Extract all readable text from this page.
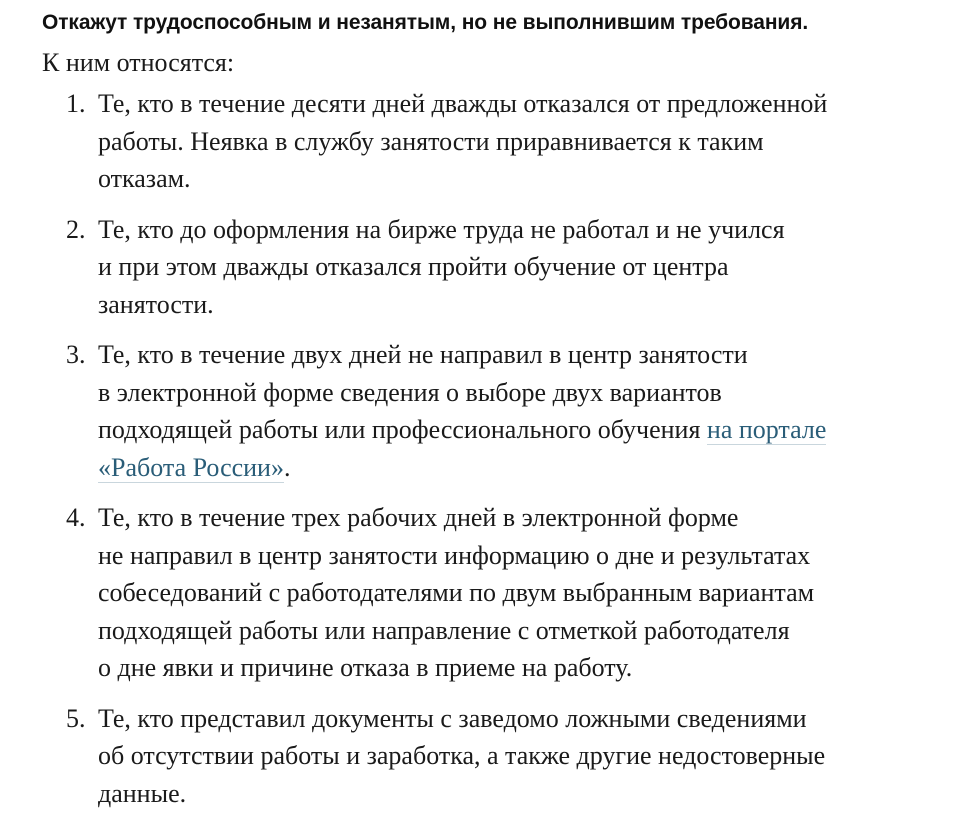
Откажут трудоспособным и незанятым, но не выполнившим требования.

К ним относятся:

1. Те, кто в течение десяти дней дважды отказался от предложенной
работы. Неявка в службу занятости приравнивается к таким
отказам.
2. Те, кто до оформления на бирже труда не работал и не учился
и при этом дважды отказался пройти обучение от центра
занятости.
3. Те, кто в течение двух дней не направил в центр занятости
в электронной форме сведения о выборе двух вариантов
подходящей работы или профессионального обучения на портале
«Работа России».
4. Те, кто в течение трех рабочих дней в электронной форме
не направил в центр занятости информацию о дне и результатах
собеседований с работодателями по двум выбранным вариантам
подходящей работы или направление с отметкой работодателя
о дне явки и причине отказа в приеме на работу.
5. Те, кто представил документы с заведомо ложными сведениями
об отсутствии работы и заработка, а также другие недостоверные
данные.
